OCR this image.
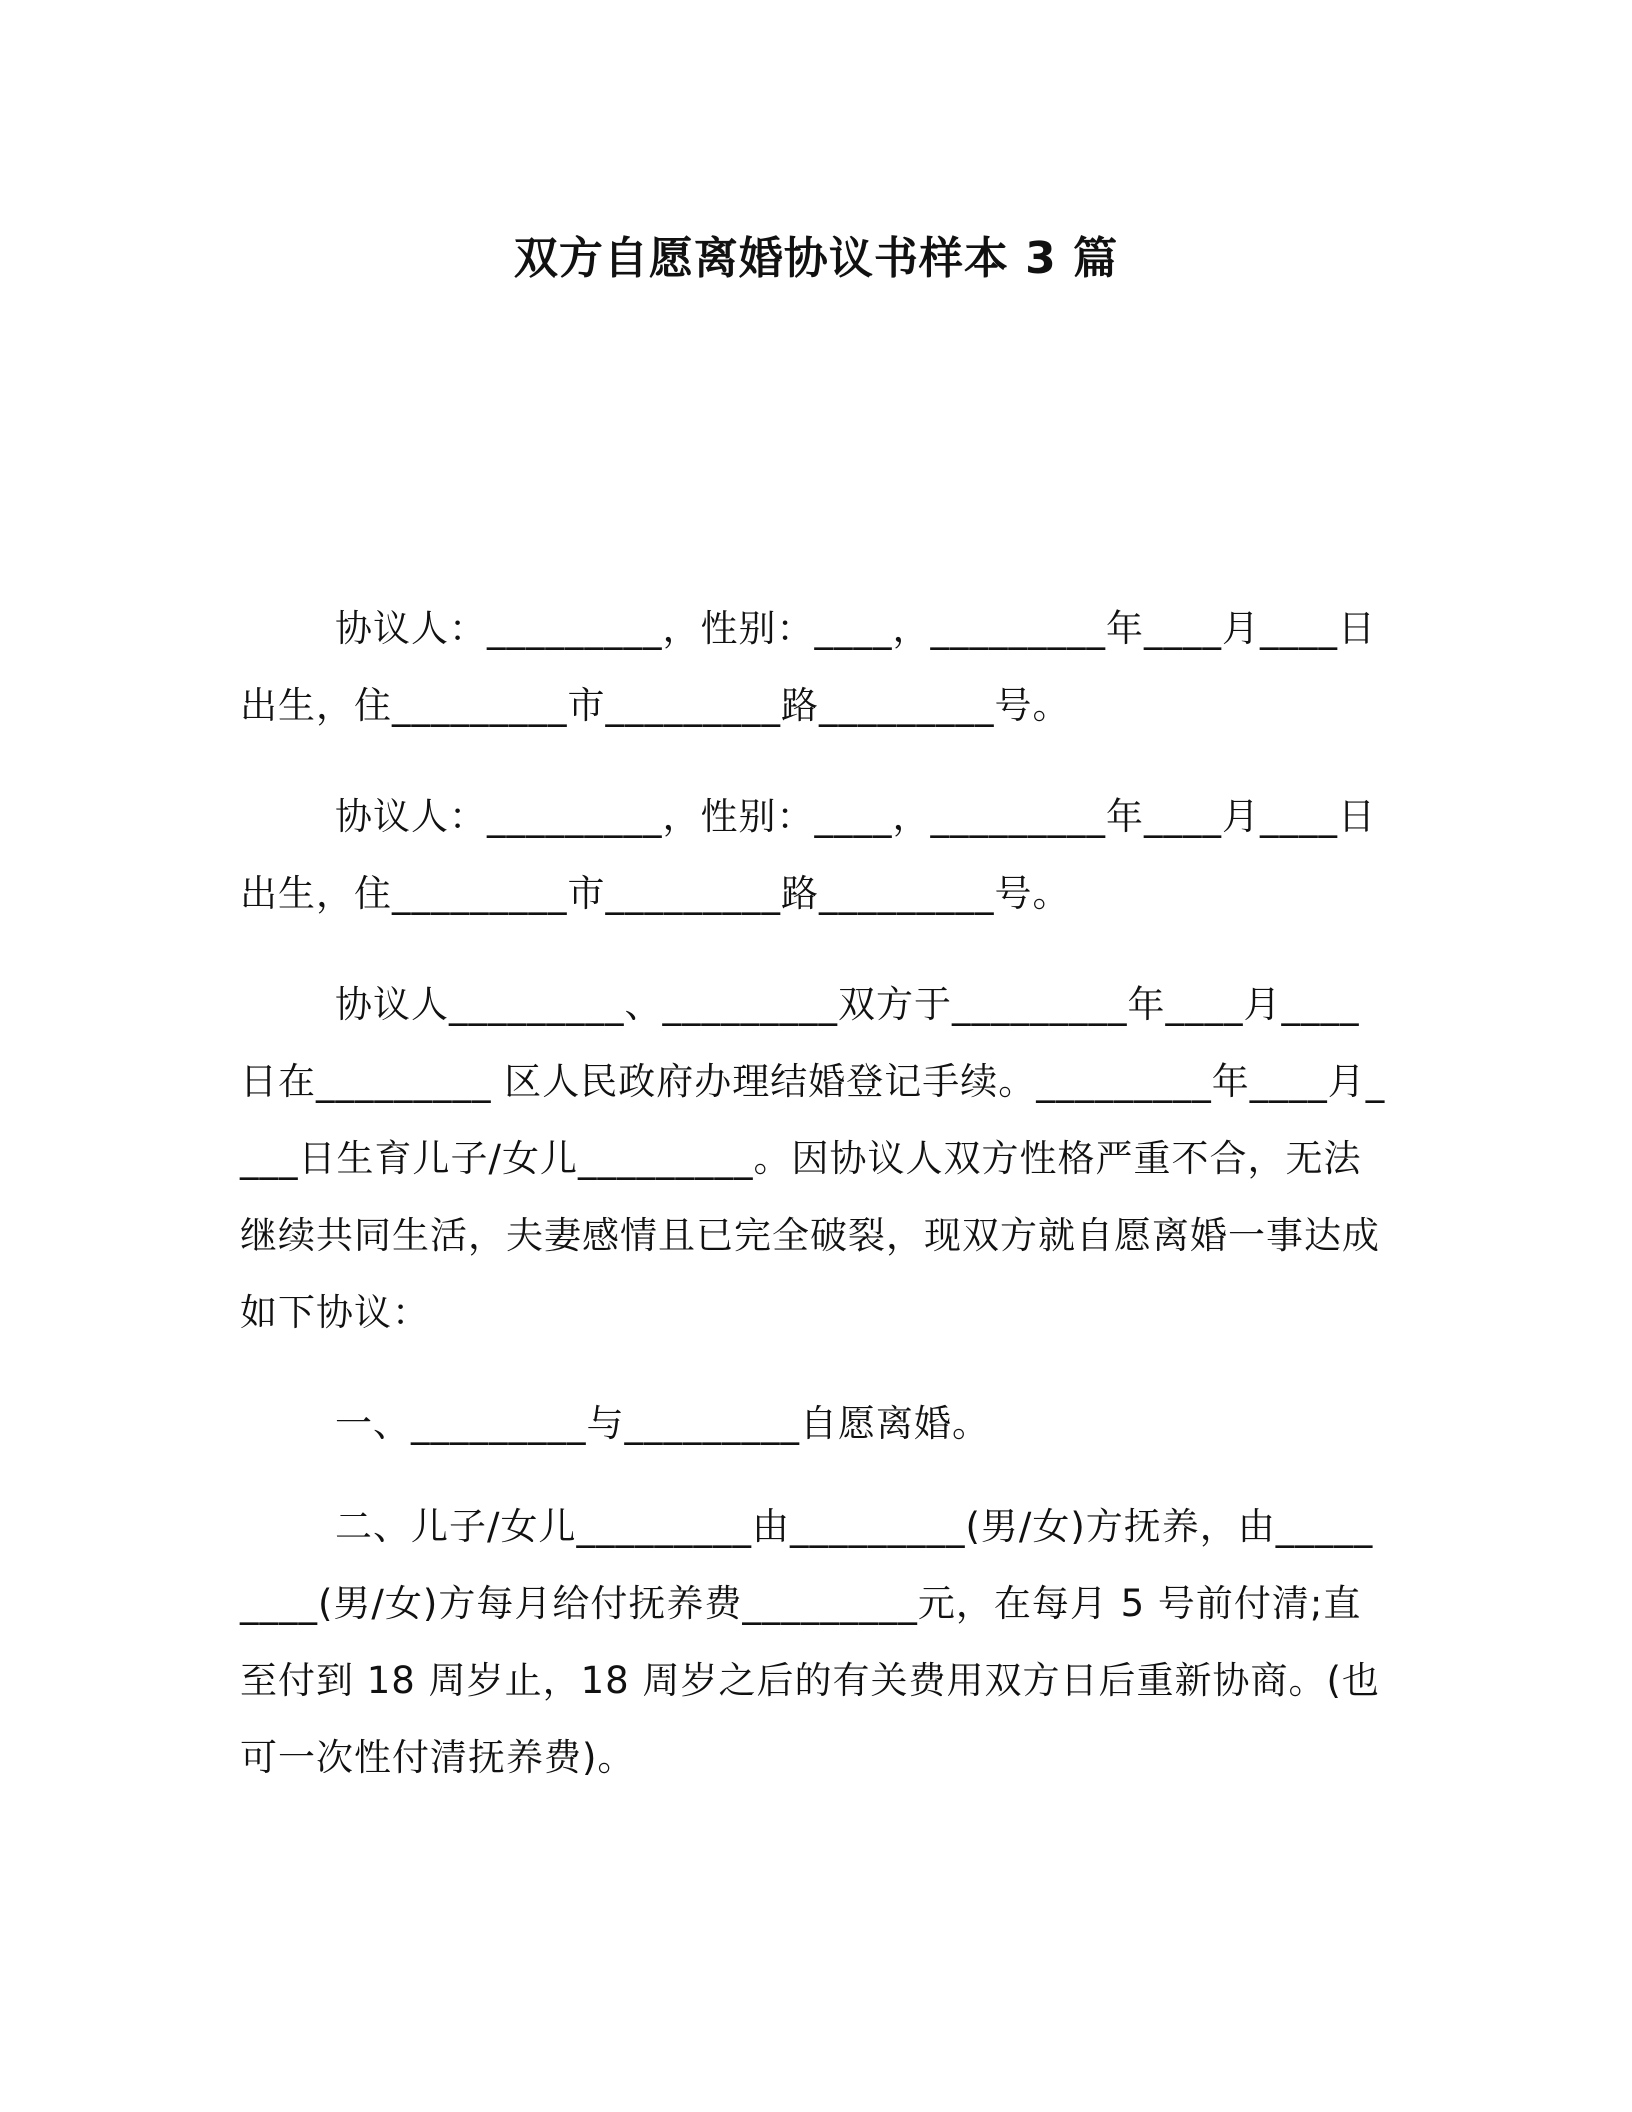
双方自愿离婚协议书样本 3 篇

协议人：_________，性别：____，_________年____月____日出生，住_________市_________路_________号。

协议人：_________，性别：____，_________年____月____日出生，住_________市_________路_________号。

协议人_________、_________双方于_________年____月____日在_________ 区人民政府办理结婚登记手续。_________年____月____日生育儿子/女儿_________。因协议人双方性格严重不合，无法继续共同生活，夫妻感情且已完全破裂，现双方就自愿离婚一事达成如下协议：

一、_________与_________自愿离婚。

二、儿子/女儿_________由_________(男/女)方抚养，由_________(男/女)方每月给付抚养费_________元，在每月 5 号前付清;直至付到 18 周岁止，18 周岁之后的有关费用双方日后重新协商。(也可一次性付清抚养费)。
